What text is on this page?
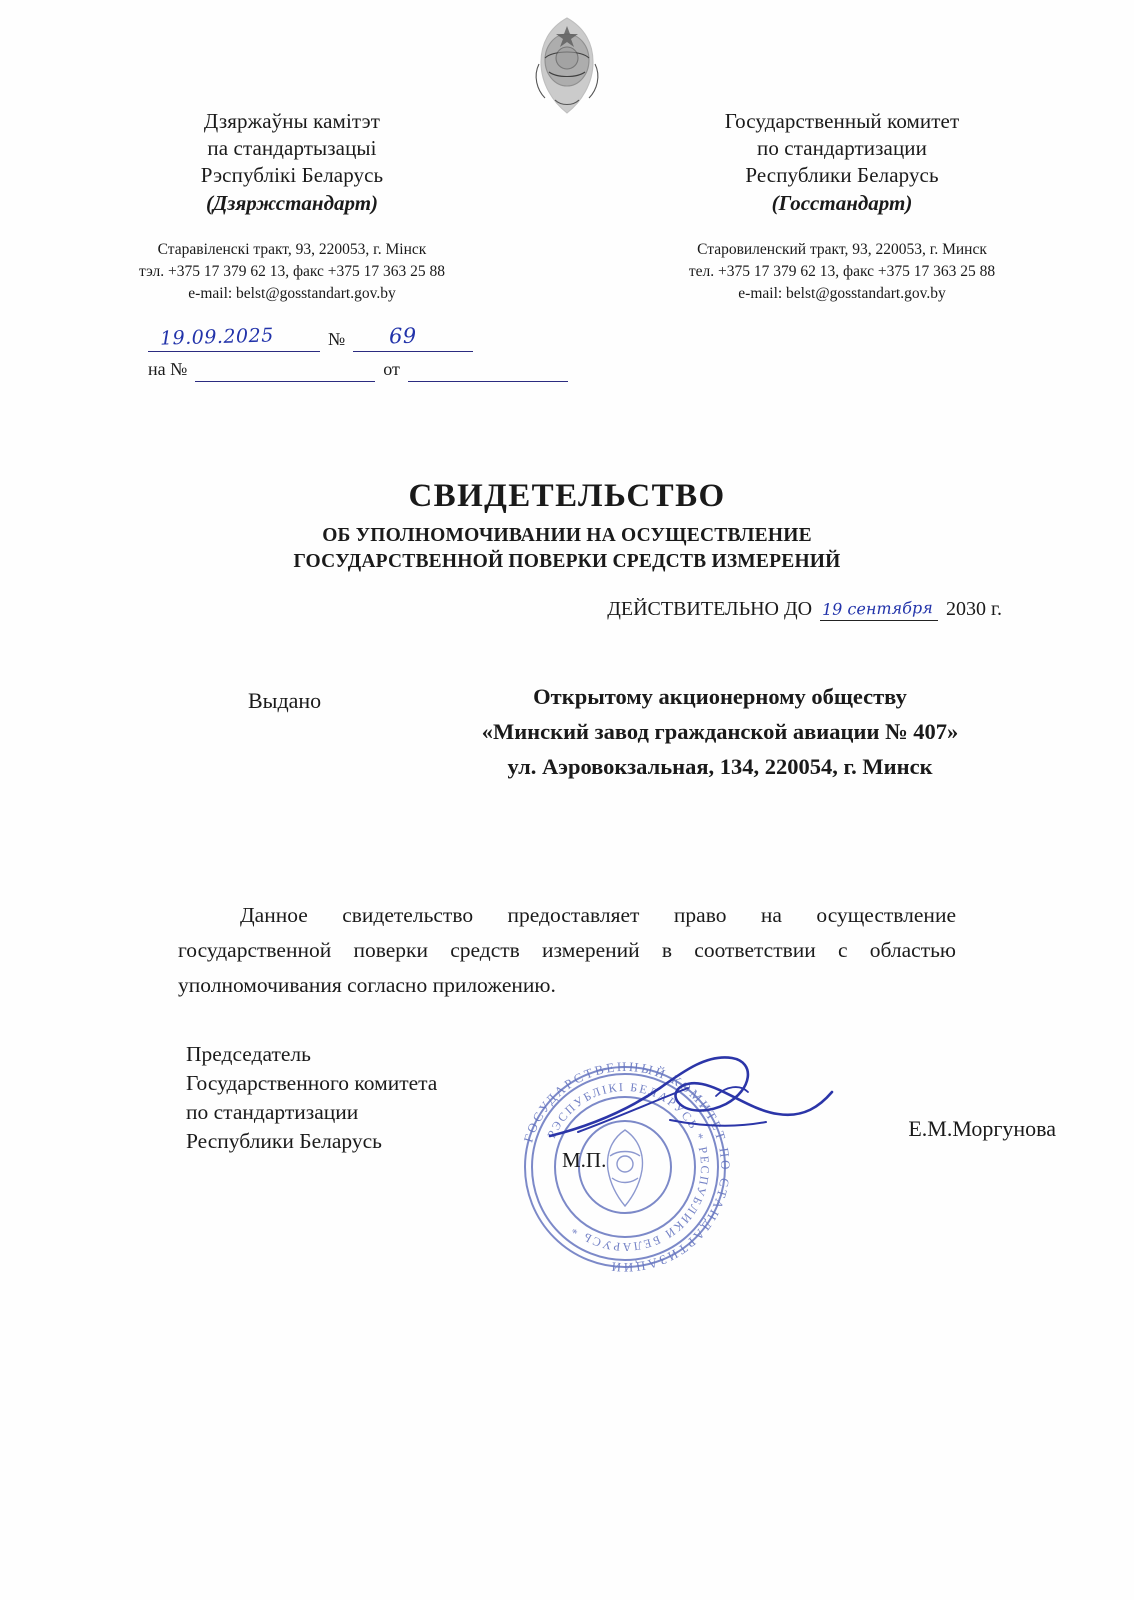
Дзяржаўны камітэт
па стандартызацыі
Рэспублікі Беларусь
(Дзяржстандарт)
Старавіленскі тракт, 93, 220053, г. Мінск
тэл. +375 17 379 62 13, факс +375 17 363 25 88
e-mail: belst@gosstandart.gov.by
Государственный комитет
по стандартизации
Республики Беларусь
(Госстандарт)
Старовиленский тракт, 93, 220053, г. Минск
тел. +375 17 379 62 13, факс +375 17 363 25 88
e-mail: belst@gosstandart.gov.by
19.09.2025	№	69
на №	от
СВИДЕТЕЛЬСТВО
ОБ УПОЛНОМОЧИВАНИИ НА ОСУЩЕСТВЛЕНИЕ
ГОСУДАРСТВЕННОЙ ПОВЕРКИ СРЕДСТВ ИЗМЕРЕНИЙ
ДЕЙСТВИТЕЛЬНО ДО 19 сентября 2030 г.
Выдано	Открытому акционерному обществу
«Минский завод гражданской авиации № 407»
ул. Аэровокзальная, 134, 220054, г. Минск
Данное свидетельство предоставляет право на осуществление государственной поверки средств измерений в соответствии с областью уполномочивания согласно приложению.
Председатель
Государственного комитета
по стандартизации
Республики Беларусь	ГОСУДАРСТВЕННЫЙ КОМИТЕТ ПО СТАНДАРТИЗАЦИИ
РЭСПУБЛІКІ БЕЛАРУСЬ * РЕСПУБЛИКИ БЕЛАРУСЬ *
М.П.
Е.М.Моргунова
